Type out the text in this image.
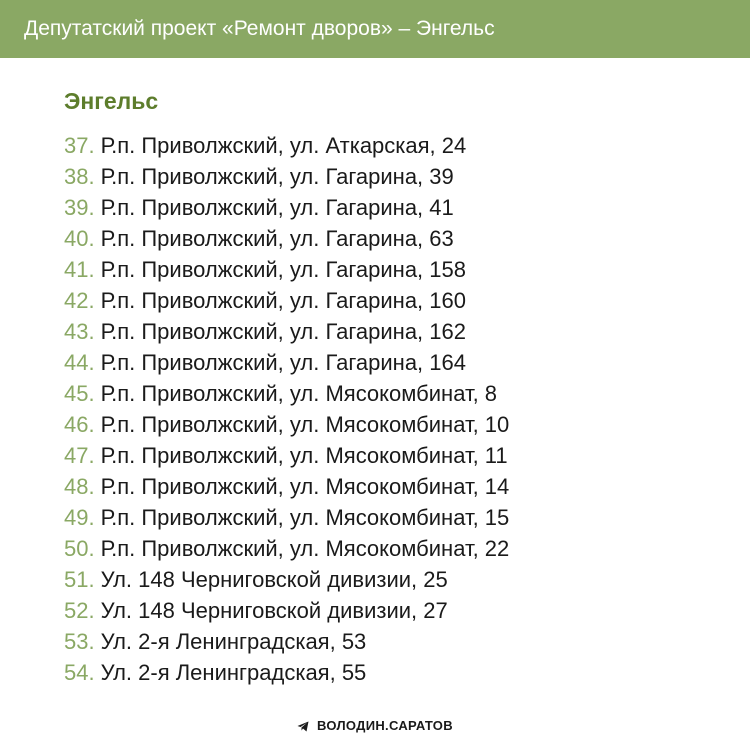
Депутатский проект «Ремонт дворов» – Энгельс
Энгельс
37. Р.п. Приволжский, ул. Аткарская, 24
38. Р.п. Приволжский, ул. Гагарина, 39
39. Р.п. Приволжский, ул. Гагарина, 41
40. Р.п. Приволжский, ул. Гагарина, 63
41. Р.п. Приволжский, ул. Гагарина, 158
42. Р.п. Приволжский, ул. Гагарина, 160
43. Р.п. Приволжский, ул. Гагарина, 162
44. Р.п. Приволжский, ул. Гагарина, 164
45. Р.п. Приволжский, ул. Мясокомбинат, 8
46. Р.п. Приволжский, ул. Мясокомбинат, 10
47. Р.п. Приволжский, ул. Мясокомбинат, 11
48. Р.п. Приволжский, ул. Мясокомбинат, 14
49. Р.п. Приволжский, ул. Мясокомбинат, 15
50. Р.п. Приволжский, ул. Мясокомбинат, 22
51. Ул. 148 Черниговской дивизии, 25
52. Ул. 148 Черниговской дивизии, 27
53. Ул. 2-я Ленинградская, 53
54. Ул. 2-я Ленинградская, 55
ВОЛОДИН.САРАТОВ
